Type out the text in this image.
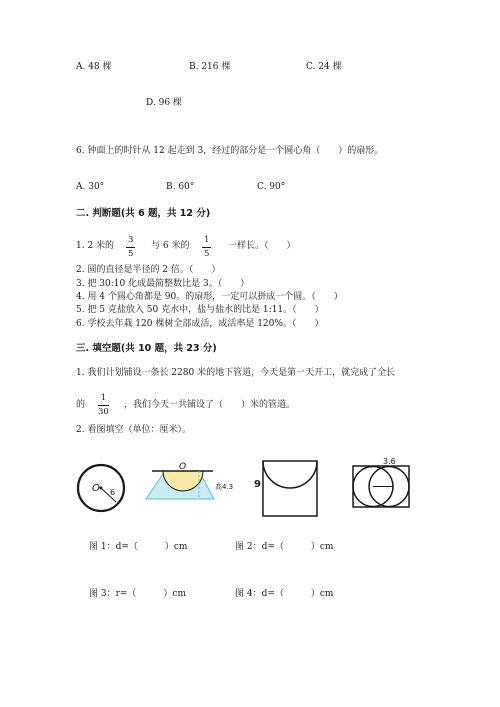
A. 48 棵	B. 216 棵	C. 24 棵
D. 96 棵
6. 钟面上的时针从 12 起走到 3，经过的部分是一个圆心角（　　）的扇形。
A. 30°	B. 60°	C. 90°
二. 判断题(共 6 题，共 12 分)
1. 2 米的
3
5
与 6 米的
1
5
一样长。（　　）
2. 圆的直径是半径的 2 倍。（　　）
3. 把 30:10 化成最简整数比是 3。（　　）
4. 用 4 个圆心角都是 90。的扇形，一定可以拼成一个圆。（　　）
5. 把 5 克盐放入 50 克水中，盐与盐水的比是 1:11。（　　）
6. 学校去年栽 120 棵树全部成活，成活率是 120%。（　　）
三. 填空题(共 10 题，共 23 分)
1. 我们计划铺设一条长 2280 米的地下管道，今天是第一天开工，就完成了全长
的
1
30
，我们今天一共铺设了（　　）米的管道。
2. 看图填空（单位：厘米）。
O 6
O
高4.3 9
3.6
图 1：d=（　　　）cm	图 2：d=（　　　）cm
图 3：r=（　　　）cm	图 4：d=（　　　）cm
